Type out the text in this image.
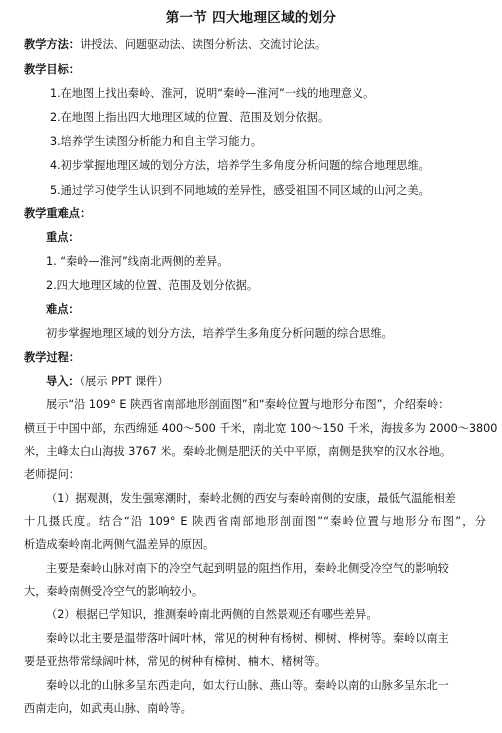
第一节 四大地理区域的划分
教学方法：讲授法、问题驱动法、读图分析法、交流讨论法。
教学目标：
1.在地图上找出秦岭、淮河，说明“秦岭—淮河”一线的地理意义。
2.在地图上指出四大地理区域的位置、范围及划分依据。
3.培养学生读图分析能力和自主学习能力。
4.初步掌握地理区域的划分方法，培养学生多角度分析问题的综合地理思维。
5.通过学习使学生认识到不同地域的差异性，感受祖国不同区域的山河之美。
教学重难点：
重点：
1. “秦岭—淮河”线南北两侧的差异。
2.四大地理区域的位置、范围及划分依据。
难点：
初步掌握地理区域的划分方法，培养学生多角度分析问题的综合思维。
教学过程：
导入：（展示 PPT 课件）
展示“沿 109° E 陕西省南部地形剖面图”和“秦岭位置与地形分布图”，介绍秦岭：
横亘于中国中部，东西绵延 400～500 千米，南北宽 100～150 千米，海拔多为 2000～3800
米，主峰太白山海拔 3767 米。秦岭北侧是肥沃的关中平原，南侧是狭窄的汉水谷地。
老师提问：
（1）据观测，发生强寒潮时，秦岭北侧的西安与秦岭南侧的安康，最低气温能相差
十几摄氏度。结合“沿 109° E 陕西省南部地形剖面图”“秦岭位置与地形分布图”，分
析造成秦岭南北两侧气温差异的原因。
主要是秦岭山脉对南下的冷空气起到明显的阻挡作用，秦岭北侧受冷空气的影响较
大，秦岭南侧受冷空气的影响较小。
（2）根据已学知识，推测秦岭南北两侧的自然景观还有哪些差异。
秦岭以北主要是温带落叶阔叶林，常见的树种有杨树、柳树、桦树等。秦岭以南主
要是亚热带常绿阔叶林，常见的树种有樟树、楠木、楮树等。
秦岭以北的山脉多呈东西走向，如太行山脉、燕山等。秦岭以南的山脉多呈东北一
西南走向，如武夷山脉、南岭等。
